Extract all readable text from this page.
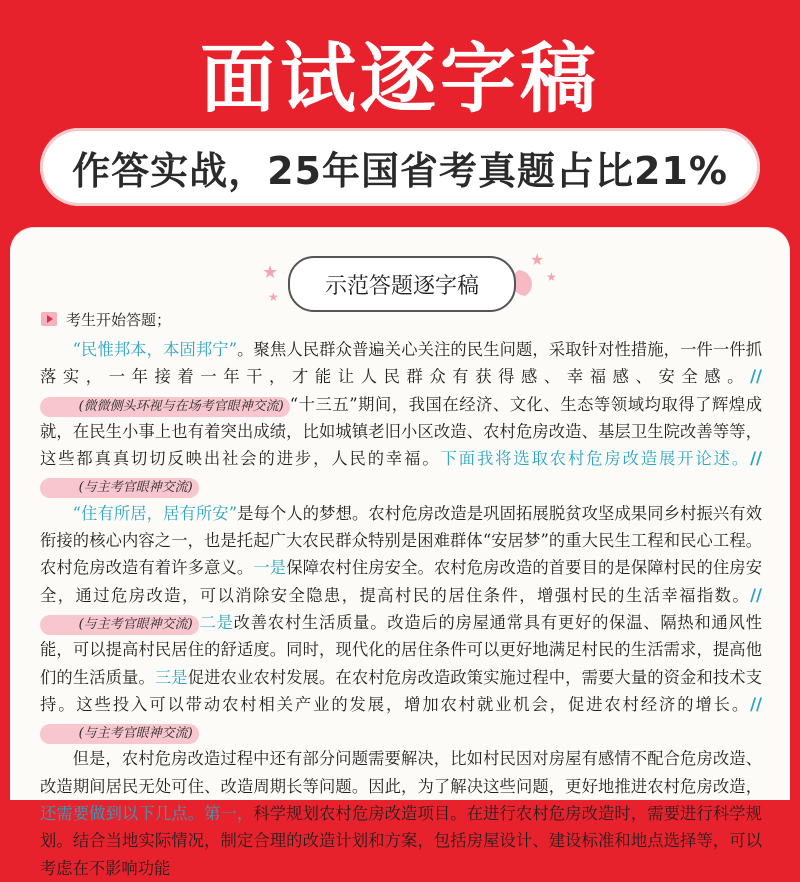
面试逐字稿
作答实战，25年国省考真题占比21%
★
★
★
★
示范答题逐字稿
考生开始答题；

“民惟邦本，本固邦宁”。聚焦人民群众普遍关心关注的民生问题，采取针对性措施，一件一件抓落实，一年接着一年干，才能让人民群众有获得感、幸福感、安全感。// (微微侧头环视与在场考官眼神交流) “十三五”期间，我国在经济、文化、生态等领域均取得了辉煌成就，在民生小事上也有着突出成绩，比如城镇老旧小区改造、农村危房改造、基层卫生院改善等等，这些都真真切切反映出社会的进步，人民的幸福。下面我将选取农村危房改造展开论述。// (与主考官眼神交流)

“住有所居，居有所安”是每个人的梦想。农村危房改造是巩固拓展脱贫攻坚成果同乡村振兴有效衔接的核心内容之一，也是托起广大农民群众特别是困难群体“安居梦”的重大民生工程和民心工程。农村危房改造有着许多意义。一是保障农村住房安全。农村危房改造的首要目的是保障村民的住房安全，通过危房改造，可以消除安全隐患，提高村民的居住条件，增强村民的生活幸福指数。// (与主考官眼神交流) 二是改善农村生活质量。改造后的房屋通常具有更好的保温、隔热和通风性能，可以提高村民居住的舒适度。同时，现代化的居住条件可以更好地满足村民的生活需求，提高他们的生活质量。三是促进农业农村发展。在农村危房改造政策实施过程中，需要大量的资金和技术支持。这些投入可以带动农村相关产业的发展，增加农村就业机会，促进农村经济的增长。// (与主考官眼神交流)

但是，农村危房改造过程中还有部分问题需要解决，比如村民因对房屋有感情不配合危房改造、改造期间居民无处可住、改造周期长等问题。因此，为了解决这些问题，更好地推进农村危房改造，还需要做到以下几点。第一，科学规划农村危房改造项目。在进行农村危房改造时，需要进行科学规划。结合当地实际情况，制定合理的改造计划和方案，包括房屋设计、建设标准和地点选择等，可以考虑在不影响功能
